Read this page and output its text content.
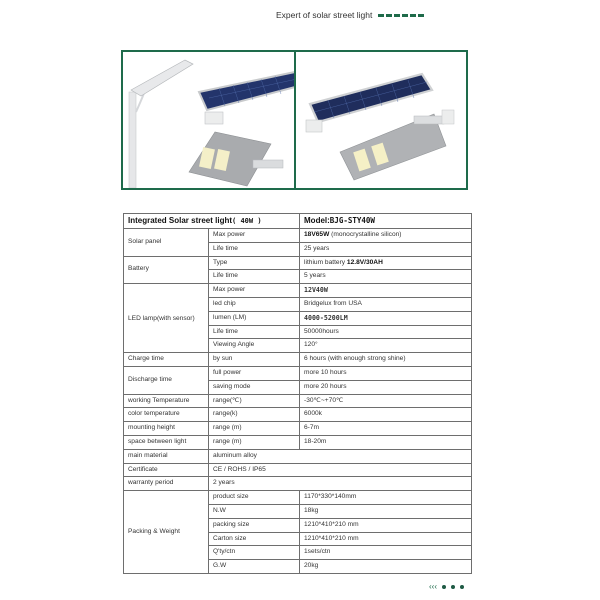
Expert of solar street light
Integrated Solar street light( 40W )		Model:BJG-STY40W
Solar panel	Max power	18V65W (monocrystalline silicon)
	Life time	25 years
Battery	Type	lithium battery 12.8V/30AH
	Life time	5 years
LED lamp(with sensor)	Max power	12V40W
	led chip	Bridgelux from USA
	lumen (LM)	4000-5200LM
	Life time	50000hours
	Viewing Angle	120°
Charge time	by sun	6 hours (with enough strong shine)
Discharge time	full power	more 10 hours
	saving mode	more 20 hours
working Temperature	range(℃)	-30℃~+70℃
color temperature	range(k)	6000k
mounting height	range (m)	6-7m
space between light	range (m)	18-20m
main material	aluminum alloy	
Certificate	CE / ROHS / IP65	
warranty period	2 years	
Packing & Weight	product size	1170*330*140mm
	N.W	18kg
	packing size	1210*410*210 mm
	Carton size	1210*410*210 mm
	Q'ty/ctn	1sets/ctn
	G.W	20kg
‹‹‹
